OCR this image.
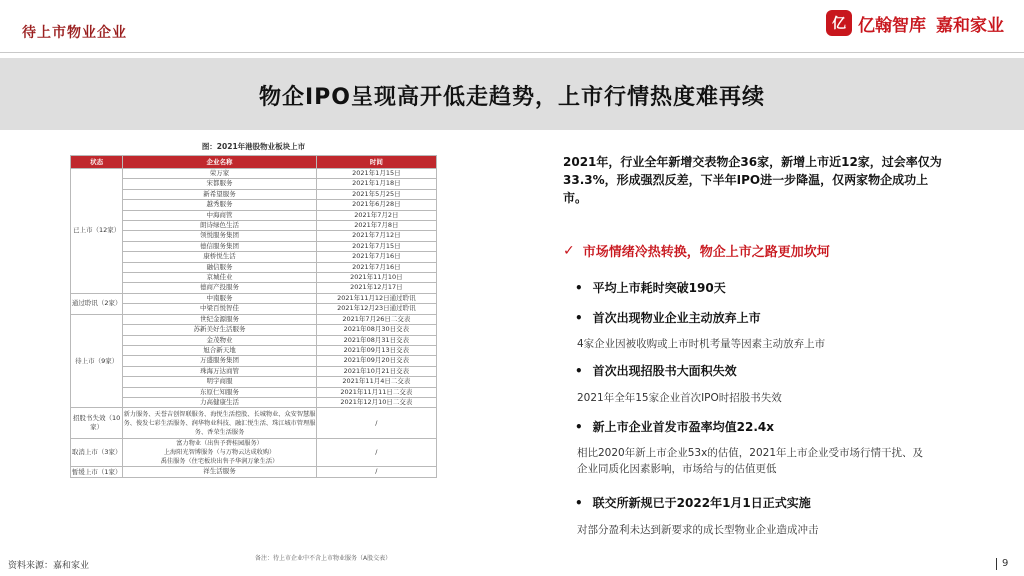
待上市物业企业
亿 亿翰智库 嘉和家业
物企IPO呈现高开低走趋势，上市行情热度难再续
图：2021年港股物业板块上市
状态	企业名称	时间
已上市（12家）	荣万家	2021年1月15日
	宋都服务	2021年1月18日
	新希望服务	2021年5月25日
	越秀服务	2021年6月28日
	中海商管	2021年7月2日
	朗诗绿色生活	2021年7月8日
	领悦服务集团	2021年7月12日
	德信服务集团	2021年7月15日
	康桥悦生活	2021年7月16日
	融信服务	2021年7月16日
	京城佳业	2021年11月10日
	德商产投服务	2021年12月17日
通过聆讯（2家）	中南服务	2021年11月12日通过聆讯
	中梁百悦智佳	2021年12月23日通过聆讯
待上市（9家）	世纪金源服务	2021年7月26日二交表
	苏新美好生活服务	2021年08月30日交表
	金茂物业	2021年08月31日交表
	旭合新天地	2021年09月13日交表
	万盛服务集团	2021年09月20日交表
	珠海万达商管	2021年10月21日交表
	明宇商服	2021年11月4日二交表
	东原仁知服务	2021年11月11日二交表
	力高健康生活	2021年12月10日二交表
招股书失效（10家）	新力服务、天誉吉创智联服务、海悦生活控股、长城物业、众安智慧服务、俊发七彩生活服务、润华物业科技、融汇悦生活、珠江城市管理服务、香荣生活服务	/
取消上市（3家）	富力物业（出售予碧桂园服务）
上海阳光智博服务（与万物云达成收购）
禹佳服务（住宅板块出售予华润万象生活）	/
暂缓上市（1家）	祥生活服务	/
备注：待上市企业中不含上市物业服务（A股交表）
2021年，行业全年新增交表物企36家，新增上市近12家，过会率仅为33.3%，形成强烈反差，下半年IPO进一步降温，仅两家物企成功上市。
✓ 市场情绪冷热转换，物企上市之路更加坎坷
• 平均上市耗时突破190天
• 首次出现物业企业主动放弃上市
4家企业因被收购或上市时机考量等因素主动放弃上市
• 首次出现招股书大面积失效
2021年全年15家企业首次IPO时招股书失效
• 新上市企业首发市盈率均值22.4x
相比2020年新上市企业53x的估值，2021年上市企业受市场行情干扰、及企业同质化因素影响，市场给与的估值更低
• 联交所新规已于2022年1月1日正式实施
对部分盈利未达到新要求的成长型物业企业造成冲击
资料来源：嘉和家业	9
